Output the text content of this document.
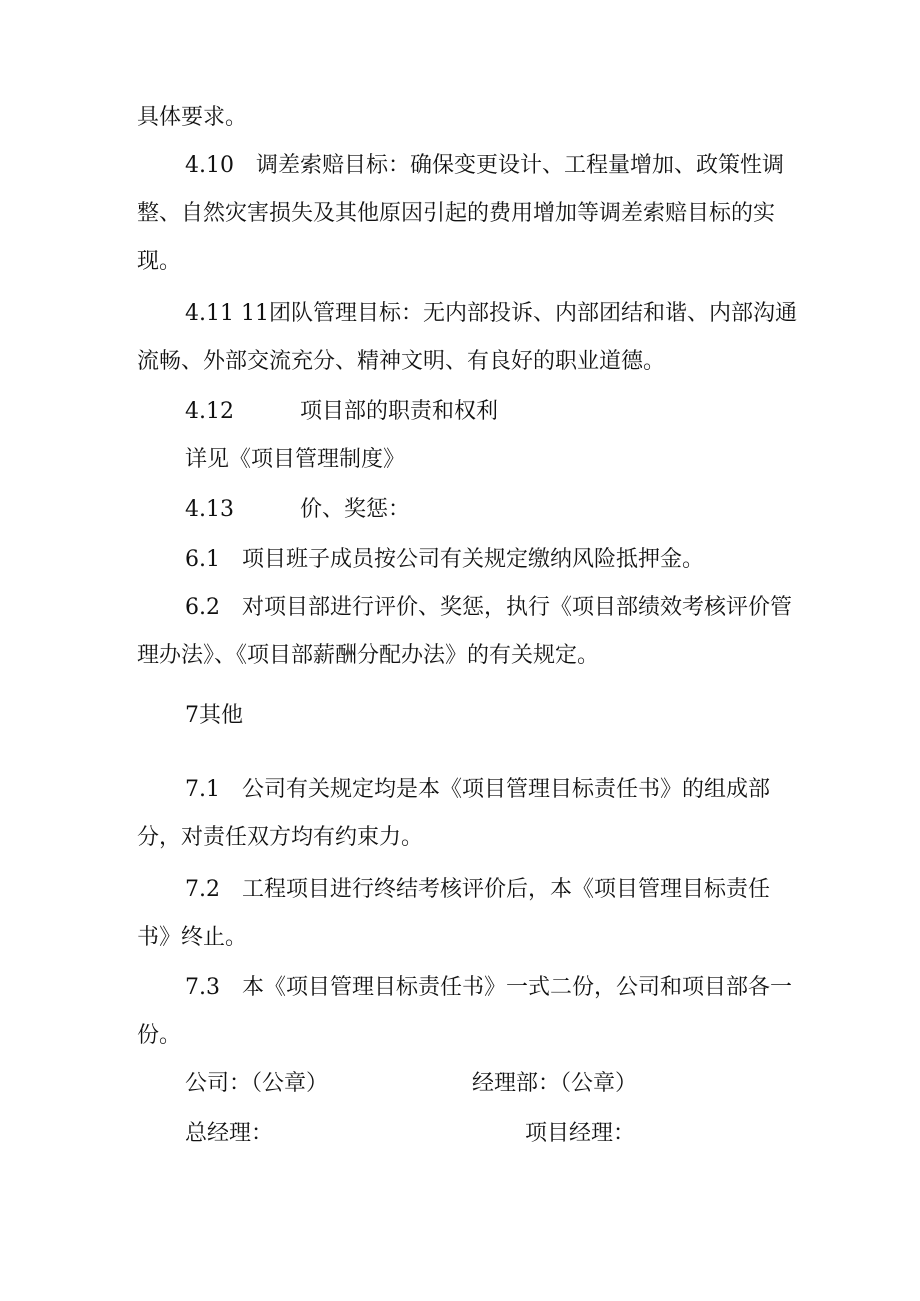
具体要求。

4.10　调差索赔目标：确保变更设计、工程量增加、政策性调整、自然灾害损失及其他原因引起的费用增加等调差索赔目标的实现。

4.11 11团队管理目标：无内部投诉、内部团结和谐、内部沟通流畅、外部交流充分、精神文明、有良好的职业道德。

4.12　　　项目部的职责和权利

详见《项目管理制度》

4.13　　　价、奖惩：

6.1　项目班子成员按公司有关规定缴纳风险抵押金。

6.2　对项目部进行评价、奖惩，执行《项目部绩效考核评价管理办法》、《项目部薪酬分配办法》的有关规定。

7其他

7.1　公司有关规定均是本《项目管理目标责任书》的组成部分，对责任双方均有约束力。

7.2　工程项目进行终结考核评价后，本《项目管理目标责任书》终止。

7.3　本《项目管理目标责任书》一式二份，公司和项目部各一份。

公司：（公章）	经理部：（公章）

总经理：	项目经理：
